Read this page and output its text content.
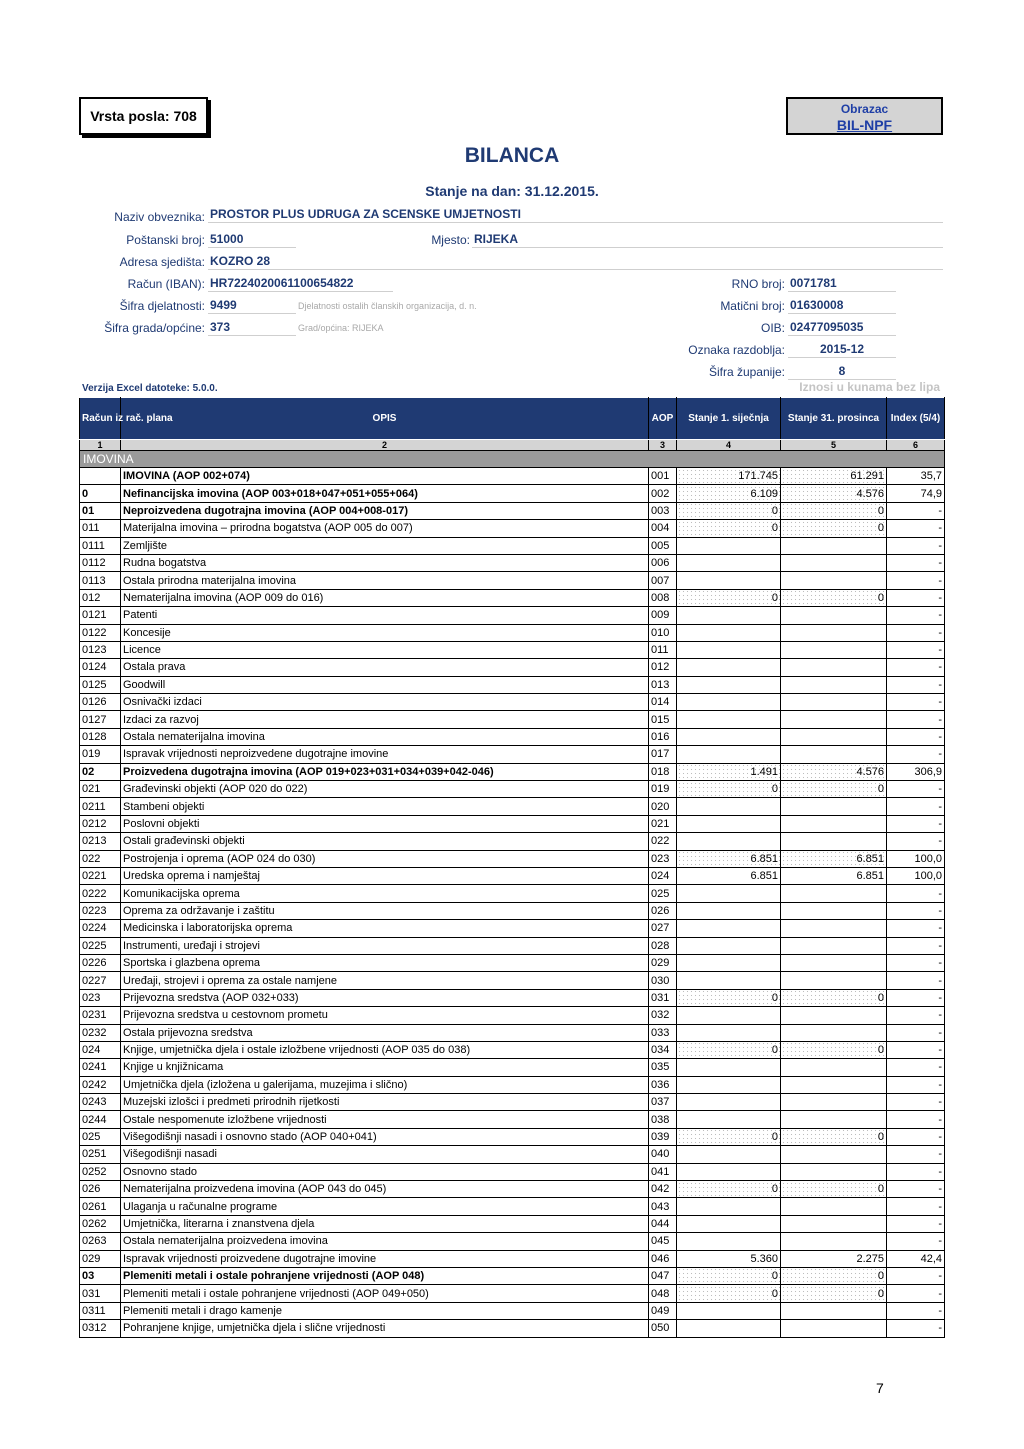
Vrsta posla: 708	Obrazac
BIL-NPF
BILANCA
Stanje na dan: 31.12.2015.
Naziv obveznika: PROSTOR PLUS UDRUGA ZA SCENSKE UMJETNOSTI
Poštanski broj: 51000	Mjesto: RIJEKA
Adresa sjedišta: KOZRO 28
Račun (IBAN): HR7224020061100654822	RNO broj: 0071781
Šifra djelatnosti: 9499	Djelatnosti ostalih članskih organizacija, d. n.	Matični broj: 01630008
Šifra grada/općine: 373	Grad/općina: RIJEKA	OIB: 02477095035
Oznaka razdoblja:	2015-12
Šifra županije:	8
Verzija Excel datoteke: 5.0.0.	Iznosi u kunama bez lipa
Račun iz rač. plana	OPIS	AOP	Stanje 1. siječnja	Stanje 31. prosinca	Index (5/4)
1	2	3	4	5	6
IMOVINA					
	IMOVINA (AOP 002+074)	001	171.745	61.291	35,7
0	Nefinancijska imovina (AOP 003+018+047+051+055+064)	002	6.109	4.576	74,9
01	Neproizvedena dugotrajna imovina (AOP 004+008-017)	003	0	0	-
011	Materijalna imovina – prirodna bogatstva (AOP 005 do 007)	004	0	0	-
0111	Zemljište	005			-
0112	Rudna bogatstva	006			-
0113	Ostala prirodna materijalna imovina	007			-
012	Nematerijalna imovina (AOP 009 do 016)	008	0	0	-
0121	Patenti	009			-
0122	Koncesije	010			-
0123	Licence	011			-
0124	Ostala prava	012			-
0125	Goodwill	013			-
0126	Osnivački izdaci	014			-
0127	Izdaci za razvoj	015			-
0128	Ostala nematerijalna imovina	016			-
019	Ispravak vrijednosti neproizvedene dugotrajne imovine	017			-
02	Proizvedena dugotrajna imovina (AOP 019+023+031+034+039+042-046)	018	1.491	4.576	306,9
021	Građevinski objekti (AOP 020 do 022)	019	0	0	-
0211	Stambeni objekti	020			-
0212	Poslovni objekti	021			-
0213	Ostali građevinski objekti	022			-
022	Postrojenja i oprema (AOP 024 do 030)	023	6.851	6.851	100,0
0221	Uredska oprema i namještaj	024	6.851	6.851	100,0
0222	Komunikacijska oprema	025			-
0223	Oprema za održavanje i zaštitu	026			-
0224	Medicinska i laboratorijska oprema	027			-
0225	Instrumenti, uređaji i strojevi	028			-
0226	Sportska i glazbena oprema	029			-
0227	Uređaji, strojevi i oprema za ostale namjene	030			-
023	Prijevozna sredstva (AOP 032+033)	031	0	0	-
0231	Prijevozna sredstva u cestovnom prometu	032			-
0232	Ostala prijevozna sredstva	033			-
024	Knjige, umjetnička djela i ostale izložbene vrijednosti (AOP 035 do 038)	034	0	0	-
0241	Knjige u knjižnicama	035			-
0242	Umjetnička djela (izložena u galerijama, muzejima i slično)	036			-
0243	Muzejski izlošci i predmeti prirodnih rijetkosti	037			-
0244	Ostale nespomenute izložbene vrijednosti	038			-
025	Višegodišnji nasadi i osnovno stado (AOP 040+041)	039	0	0	-
0251	Višegodišnji nasadi	040			-
0252	Osnovno stado	041			-
026	Nematerijalna proizvedena imovina (AOP 043 do 045)	042	0	0	-
0261	Ulaganja u računalne programe	043			-
0262	Umjetnička, literarna i znanstvena djela	044			-
0263	Ostala nematerijalna proizvedena imovina	045			-
029	Ispravak vrijednosti proizvedene dugotrajne imovine	046	5.360	2.275	42,4
03	Plemeniti metali i ostale pohranjene vrijednosti (AOP 048)	047	0	0	-
031	Plemeniti metali i ostale pohranjene vrijednosti (AOP 049+050)	048	0	0	-
0311	Plemeniti metali i drago kamenje	049			-
0312	Pohranjene knjige, umjetnička djela i slične vrijednosti	050			-
7
